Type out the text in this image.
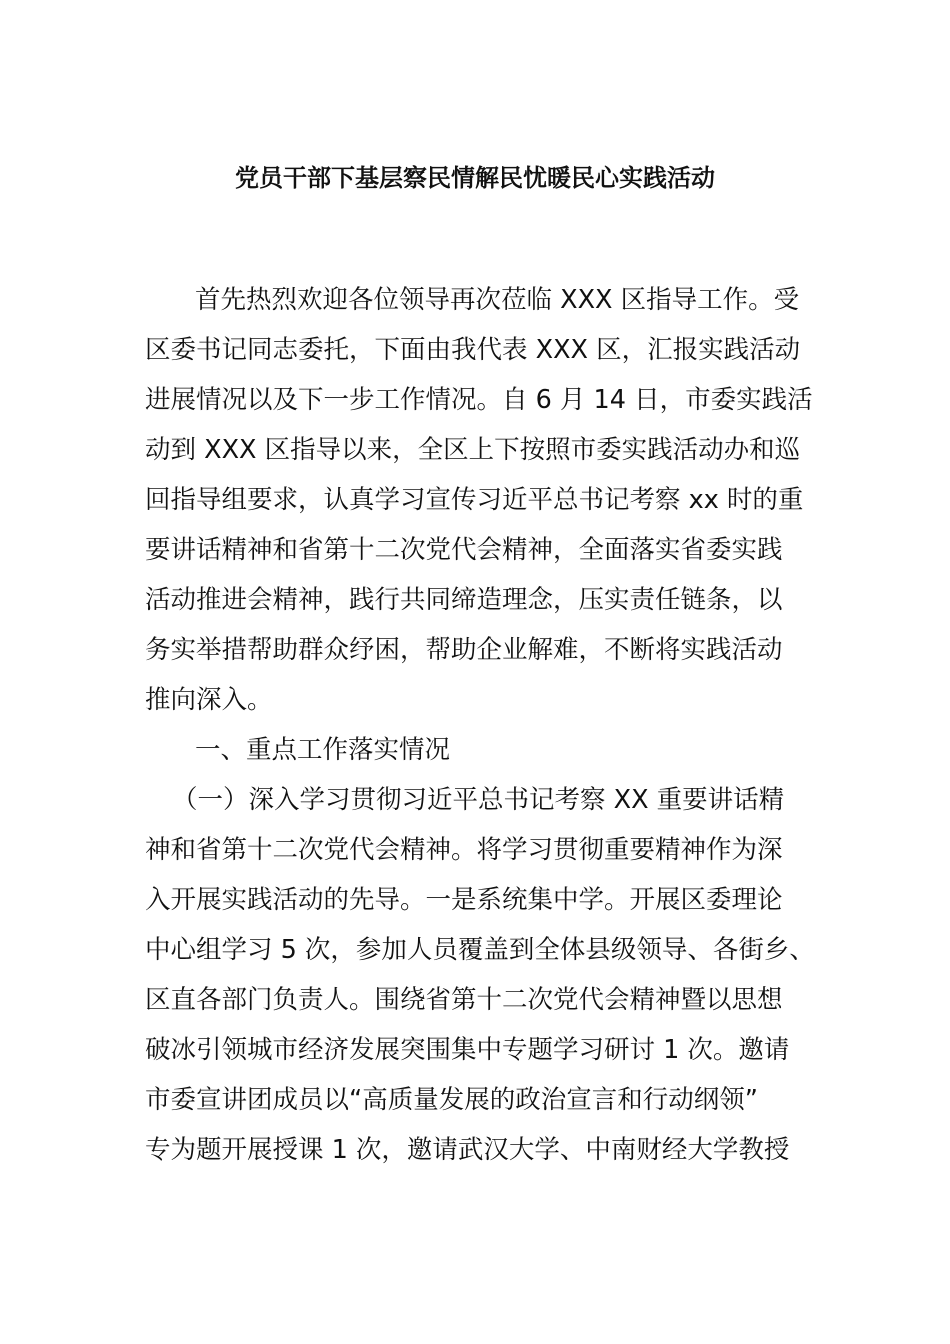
党员干部下基层察民情解民忧暖民心实践活动
首先热烈欢迎各位领导再次莅临 XXX 区指导工作。受
区委书记同志委托，下面由我代表 XXX 区，汇报实践活动
进展情况以及下一步工作情况。自 6 月 14 日，市委实践活
动到 XXX 区指导以来，全区上下按照市委实践活动办和巡
回指导组要求，认真学习宣传习近平总书记考察 xx 时的重
要讲话精神和省第十二次党代会精神，全面落实省委实践
活动推进会精神，践行共同缔造理念，压实责任链条，以
务实举措帮助群众纾困，帮助企业解难，不断将实践活动
推向深入。
一、重点工作落实情况
（一）深入学习贯彻习近平总书记考察 XX 重要讲话精
神和省第十二次党代会精神。将学习贯彻重要精神作为深
入开展实践活动的先导。一是系统集中学。开展区委理论
中心组学习 5 次，参加人员覆盖到全体县级领导、各街乡、
区直各部门负责人。围绕省第十二次党代会精神暨以思想
破冰引领城市经济发展突围集中专题学习研讨 1 次。邀请
市委宣讲团成员以“高质量发展的政治宣言和行动纲领”
专为题开展授课 1 次，邀请武汉大学、中南财经大学教授
